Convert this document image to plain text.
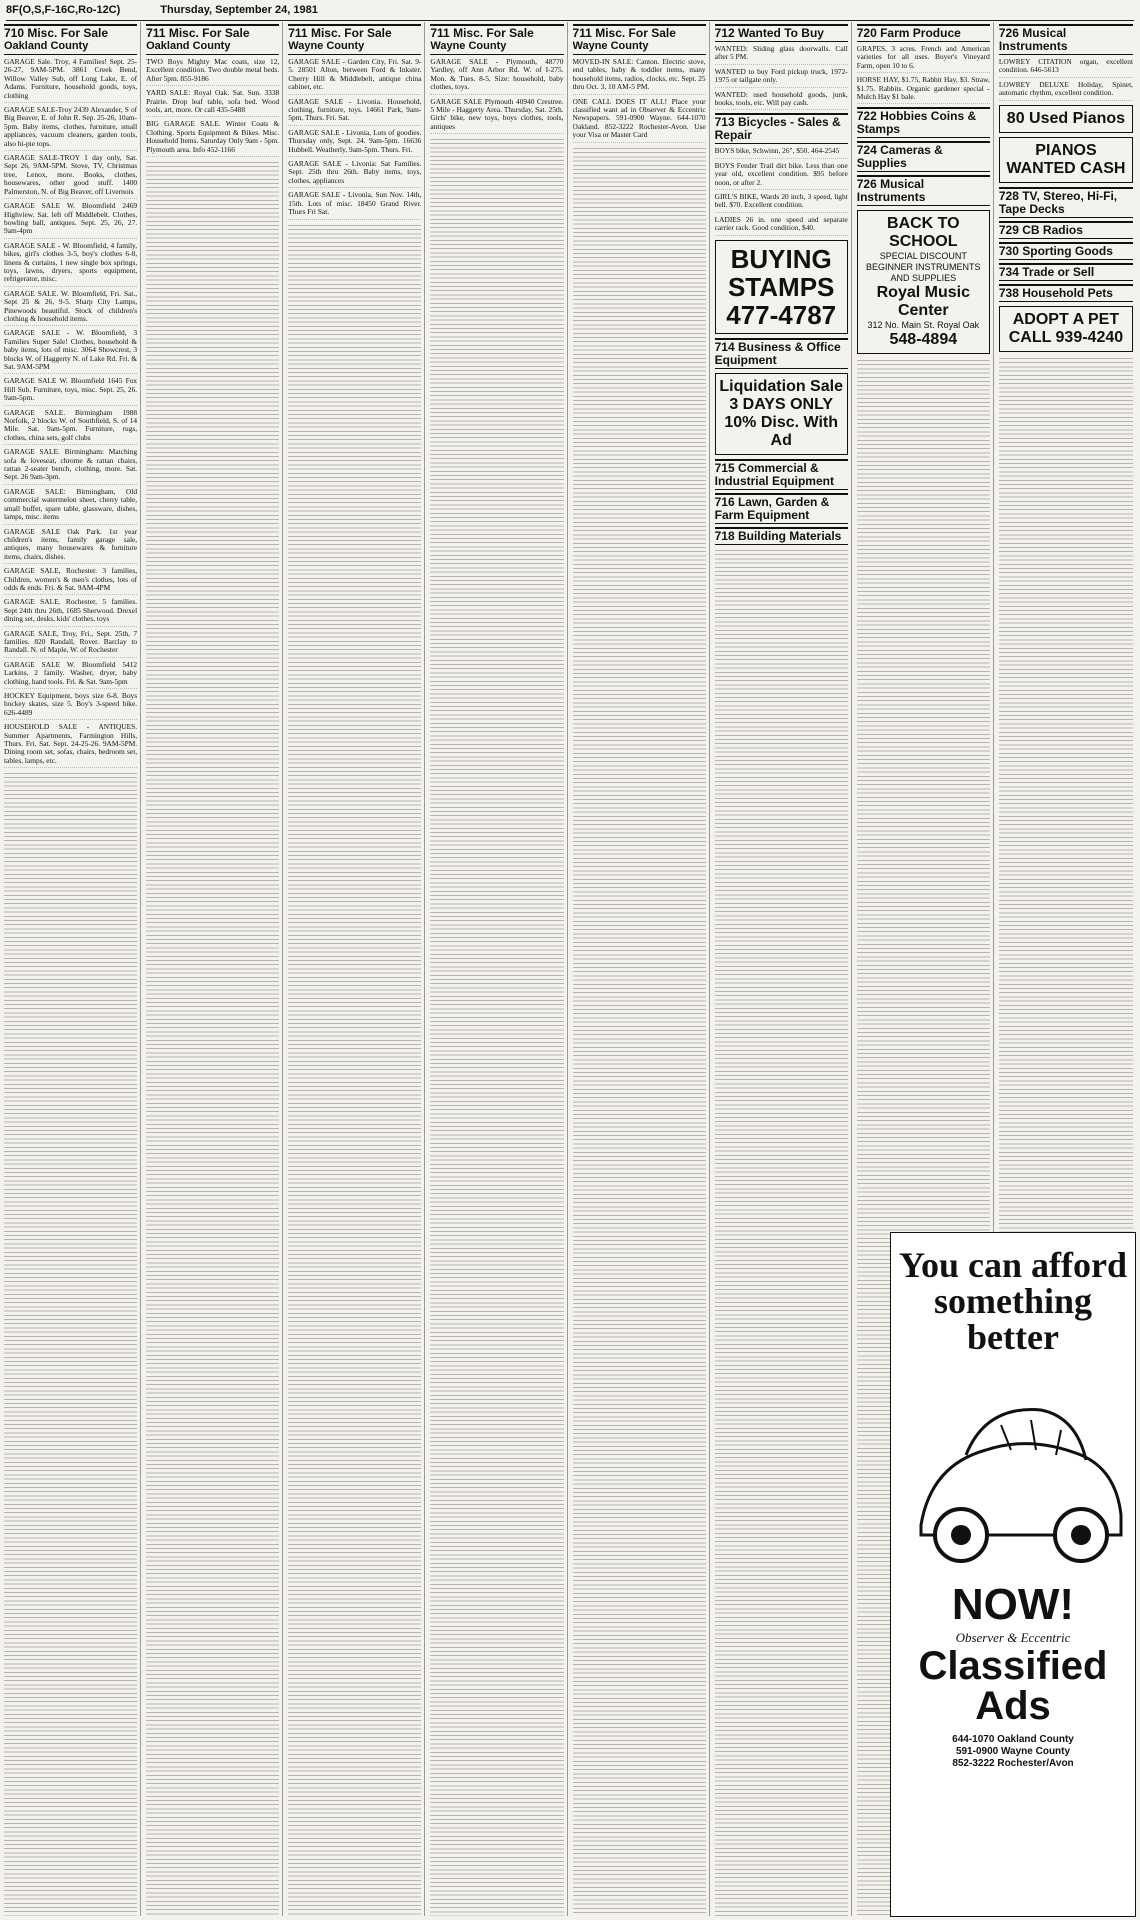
8F(O,S,F-16C,Ro-12C)	Thursday, September 24, 1981
710 Misc. For Sale
Oakland County

GARAGE Sale. Troy, 4 Families! Sept. 25-26-27, 9AM-5PM. 3861 Creek Bend, Willow Valley Sub, off Long Lake, E. of Adams. Furniture, household goods, toys, clothing

GARAGE SALE-Troy 2439 Alexander, S of Big Beaver, E. of John R. Sep. 25-26, 10am-5pm. Baby items, clothes, furniture, small appliances, vacuum cleaners, garden tools, also hi-pie tops.

GARAGE SALE-TROY 1 day only, Sat. Sept 26, 9AM-5PM. Stove, TV, Christmas tree, Lenox, more. Books, clothes, housewares, other good stuff. 1400 Palmerston, N. of Big Beaver, off Livernois

GARAGE SALE W. Bloomfield 2469 Highview. Sat. left off Middlebelt. Clothes, bowling ball, antiques. Sept. 25, 26, 27. 9am-4pm

GARAGE SALE - W. Bloomfield, 4 family, bikes, girl's clothes 3-5, boy's clothes 6-8, linens & curtains, 1 new single box springs, toys, lawns, dryers, sports equipment, refrigerator, misc.

GARAGE SALE. W. Bloomfield, Fri. Sat., Sept 25 & 26, 9-5. Sharp City Lamps, Pinewoods beautiful. Stock of children's clothing & household items.

GARAGE SALE - W. Bloomfield, 3 Families Super Sale! Clothes, household & baby items, lots of misc. 3064 Showcrest, 3 blocks W. of Haggerty N. of Lake Rd. Fri. & Sat. 9AM-5PM

GARAGE SALE W. Bloomfield 1645 Fox Hill Sub. Furniture, toys, misc. Sept. 25, 26. 9am-5pm.

GARAGE SALE. Birmingham 1988 Norfolk, 2 blocks W. of Southfield, S. of 14 Mile. Sat. 9am-5pm. Furniture, rugs, clothes, china sets, golf clubs

GARAGE SALE. Birmingham: Matching sofa & loveseat, chrome & rattan chairs, rattan 2-seater bench, clothing, more. Sat. Sept. 26 9am-3pm.

GARAGE SALE: Birmingham, Old commercial watermelon sheet, cherry table, small buffet, spare table, glassware, dishes, lamps, misc. items

GARAGE SALE Oak Park. 1st year children's items, family garage sale, antiques, many housewares & furniture items, chairs, dishes.

GARAGE SALE, Rochester. 3 families, Children, women's & men's clothes, lots of odds & ends. Fri. & Sat. 9AM-4PM

GARAGE SALE. Rochester, 5 families. Sept 24th thru 26th, 1685 Sherwood. Drexel dining set, desks, kids' clothes, toys

GARAGE SALE, Troy, Fri., Sept. 25th, 7 families. 820 Randall, Rover. Barclay to Randall. N. of Maple, W. of Rochester

GARAGE SALE W. Bloomfield 5412 Larkins, 2 family. Washer, dryer, baby clothing, hand tools. Fri. & Sat. 9am-5pm

HOCKEY Equipment, boys size 6-8. Boys hockey skates, size 5. Boy's 3-speed bike. 626-4489

HOUSEHOLD SALE - ANTIQUES. Summer Apartments, Farmington Hills, Thurs. Fri. Sat. Sept. 24-25-26. 9AM-5PM. Dining room set, sofas, chairs, bedroom set, tables, lamps, etc.

711 Misc. For Sale
Oakland County

TWO Boys Mighty Mac coats, size 12, Excellent condition. Two double metal beds. After 5pm. 855-9186

YARD SALE: Royal Oak. Sat. Sun. 3338 Prairie. Drop leaf table, sofa bed. Wood tools, art, more. Or call 435-5488

BIG GARAGE SALE. Winter Coats & Clothing. Sports Equipment & Bikes. Misc. Household Items. Saturday Only 9am - 5pm. Plymouth area. Info 452-1166

711 Misc. For Sale
Wayne County

GARAGE SALE - Garden City, Fri. Sat. 9-5. 28501 Alton, between Ford & Inkster. Cherry Hill & Middlebelt, antique china cabinet, etc.

GARAGE SALE - Livonia. Household, clothing, furniture, toys. 14661 Park, 9am-5pm, Thurs. Fri. Sat.

GARAGE SALE - Livonia, Lots of goodies. Thursday only, Sept. 24. 9am-5pm. 16636 Hubbell. Weatherly, 9am-5pm. Thurs. Fri.

GARAGE SALE - Livonia: Sat Families. Sept. 25th thru 26th. Baby items, toys, clothes, appliances

GARAGE SALE - Livonia, Sun Nov. 14th, 15th. Lots of misc. 18450 Grand River. Thurs Fri Sat.

711 Misc. For Sale
Wayne County

GARAGE SALE - Plymouth, 48770 Yardley, off Ann Arbor Rd. W. of I-275. Mon. & Tues. 8-5. Size: household, baby clothes, toys.

GARAGE SALE Plymouth 40940 Crestree. 5 Mile - Haggerty Area. Thursday, Sat. 25th. Girls' bike, new toys, boys clothes, tools, antiques

711 Misc. For Sale
Wayne County

MOVED-IN SALE: Canton. Electric stove, end tables, baby & toddler items, many household items, radios, clocks, etc. Sept. 25 thru Oct. 3, 10 AM-5 PM.

ONE CALL DOES IT ALL! Place your classified want ad in Observer & Eccentric Newspapers. 591-0900 Wayne. 644-1070 Oakland. 852-3222 Rochester-Avon. Use your Visa or Master Card

712 Wanted To Buy

WANTED: Sliding glass doorwalls. Call after 5 PM.

WANTED to buy Ford pickup truck, 1972-1975 or tailgate only.

WANTED: used household goods, junk, books, tools, etc. Will pay cash.

713 Bicycles - Sales & Repair

BOYS bike, Schwinn, 26", $50. 464-2545

BOYS Fender Trail dirt bike. Less than one year old, excellent condition. $95 before noon, or after 2.

GIRL'S BIKE, Wards 20 inch, 3 speed, light bell. $70. Excellent condition.

LADIES 26 in. one speed and separate carrier rack. Good condition, $40.

BUYING STAMPS
477-4787
714 Business & Office Equipment
Liquidation Sale 3 DAYS ONLY
10% Disc. With Ad
715 Commercial & Industrial Equipment
716 Lawn, Garden & Farm Equipment
718 Building Materials
720 Farm Produce

GRAPES, 3 acres. French and American varieties for all uses. Buyer's Vineyard Farm, open 10 to 6.

HORSE HAY, $1.75, Rabbit Hay, $3. Straw, $1.75. Rabbits. Organic gardener special - Mulch Hay $1 bale.

722 Hobbies Coins & Stamps
724 Cameras & Supplies
726 Musical Instruments
BACK TO SCHOOL
SPECIAL DISCOUNT
BEGINNER INSTRUMENTS AND SUPPLIES
Royal Music Center
312 No. Main St. Royal Oak
548-4894
726 Musical Instruments

LOWREY CITATION organ, excellent condition. 646-5613

LOWREY DELUXE Holiday, Spinet, automatic rhythm, excellent condition.

80 Used Pianos
PIANOS WANTED CASH
728 TV, Stereo, Hi-Fi, Tape Decks
729 CB Radios
730 Sporting Goods
734 Trade or Sell
738 Household Pets
ADOPT A PET CALL 939-4240
You can afford something better
NOW!
Observer & Eccentric
Classified Ads
644-1070 Oakland County
591-0900 Wayne County
852-3222 Rochester/Avon
